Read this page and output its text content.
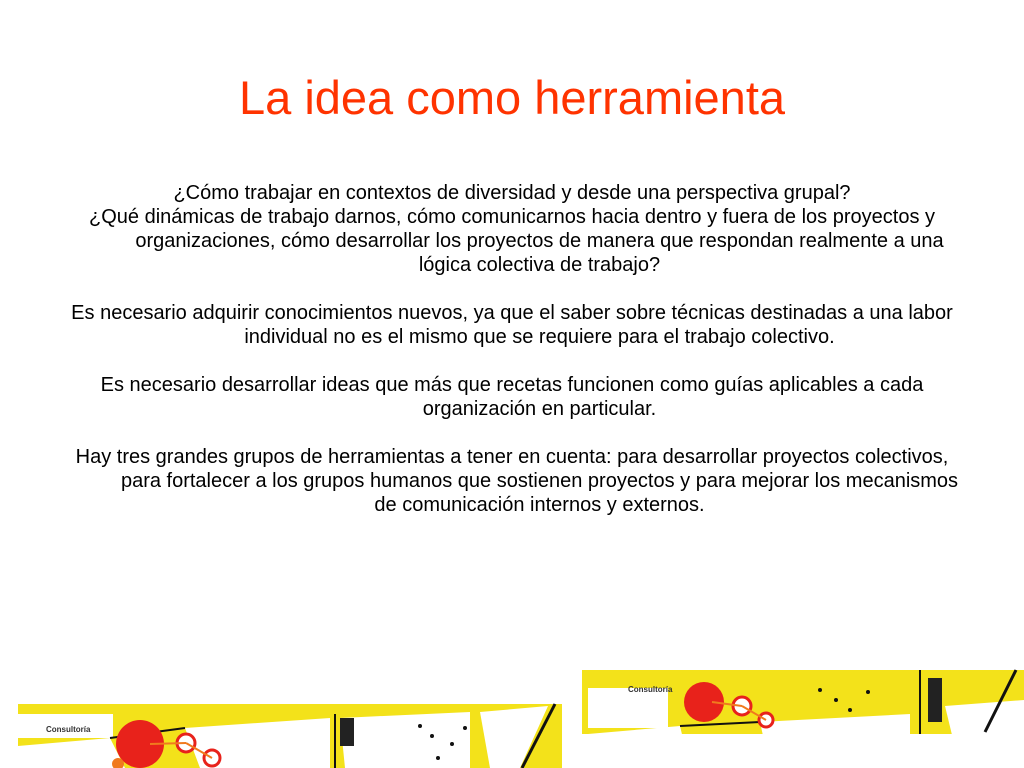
La idea como herramienta

¿Cómo trabajar en contextos de diversidad y desde una perspectiva grupal?

¿Qué dinámicas de trabajo darnos, cómo comunicarnos hacia dentro y fuera de los proyectos y organizaciones, cómo desarrollar los proyectos de manera que respondan realmente a una lógica colectiva de trabajo?

Es necesario adquirir conocimientos nuevos, ya que el saber sobre técnicas destinadas a una labor individual no es el mismo que se requiere para el trabajo colectivo.

Es necesario desarrollar ideas que más que recetas funcionen como guías aplicables a cada organización en particular.

Hay tres grandes grupos de herramientas a tener en cuenta: para desarrollar proyectos colectivos, para fortalecer a los grupos humanos que sostienen proyectos y para mejorar los mecanismos de comunicación internos y externos.

Consultoría
Consultoría
